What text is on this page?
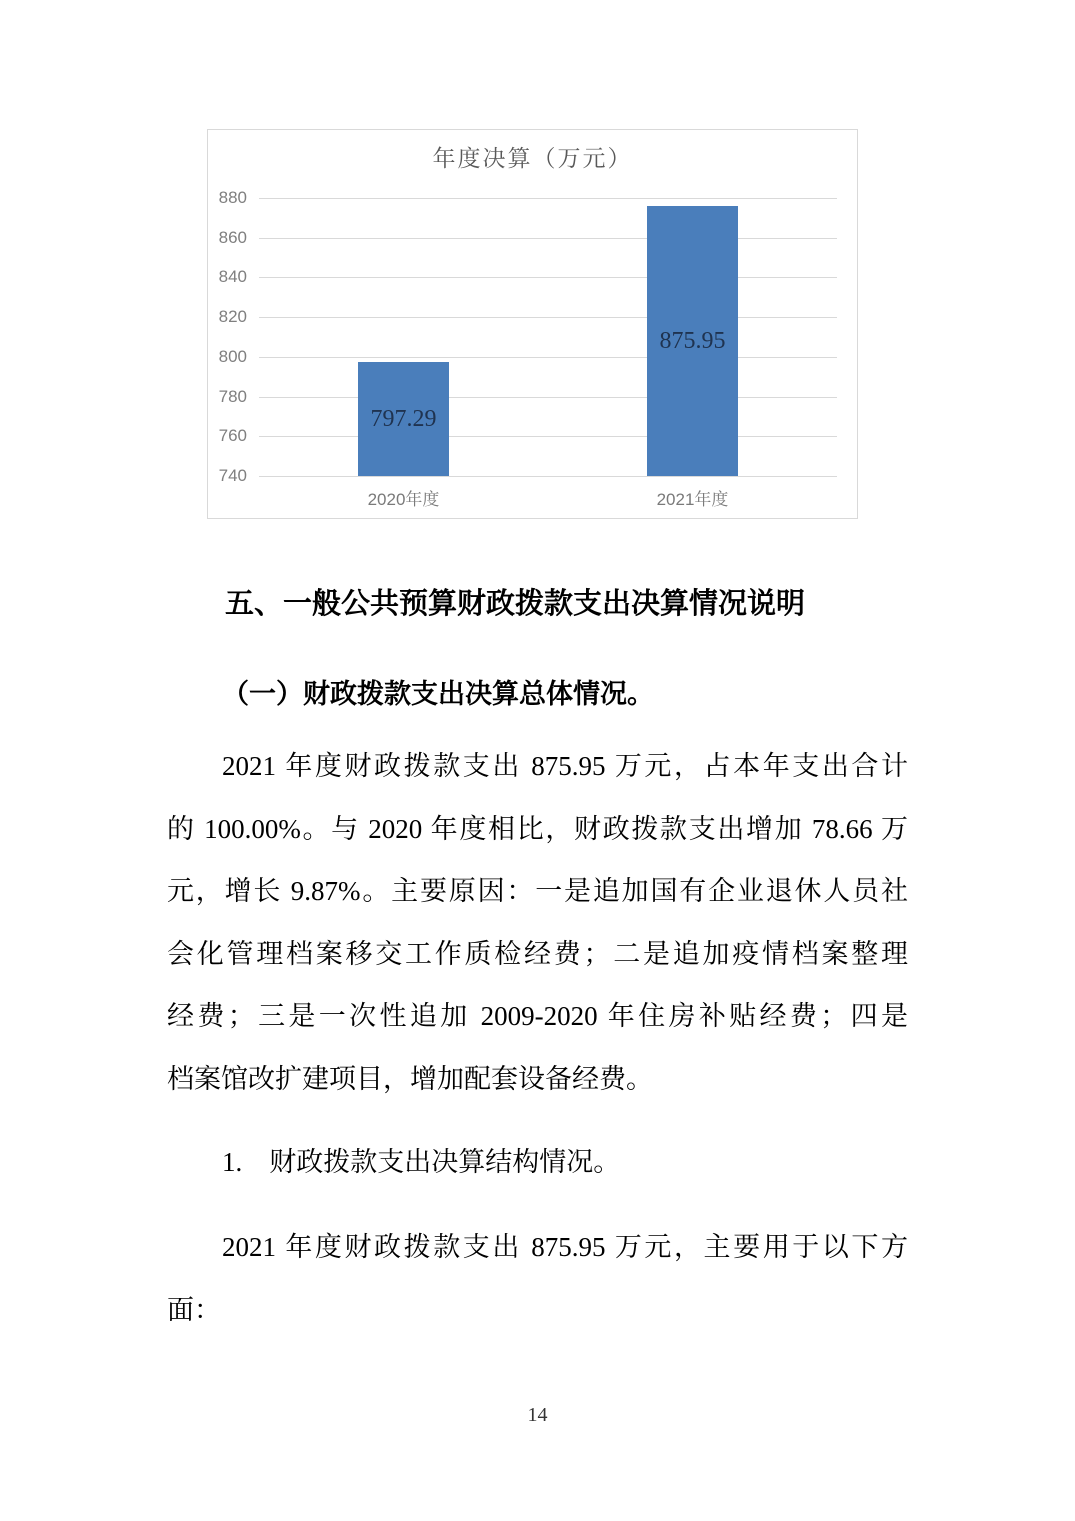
年度决算（万元）
740
760
780
800
820
840
860
880
797.29
2020年度
875.95
2021年度
五、一般公共预算财政拨款支出决算情况说明
（一）财政拨款支出决算总体情况。

2021 年度财政拨款支出 875.95 万元，占本年支出合计

的 100.00%。与 2020 年度相比，财政拨款支出增加 78.66 万

元，增长 9.87%。主要原因：一是追加国有企业退休人员社

会化管理档案移交工作质检经费；二是追加疫情档案整理

经费；三是一次性追加 2009-2020 年住房补贴经费；四是

档案馆改扩建项目，增加配套设备经费。

1.　财政拨款支出决算结构情况。

2021 年度财政拨款支出 875.95 万元，主要用于以下方

面：

14
